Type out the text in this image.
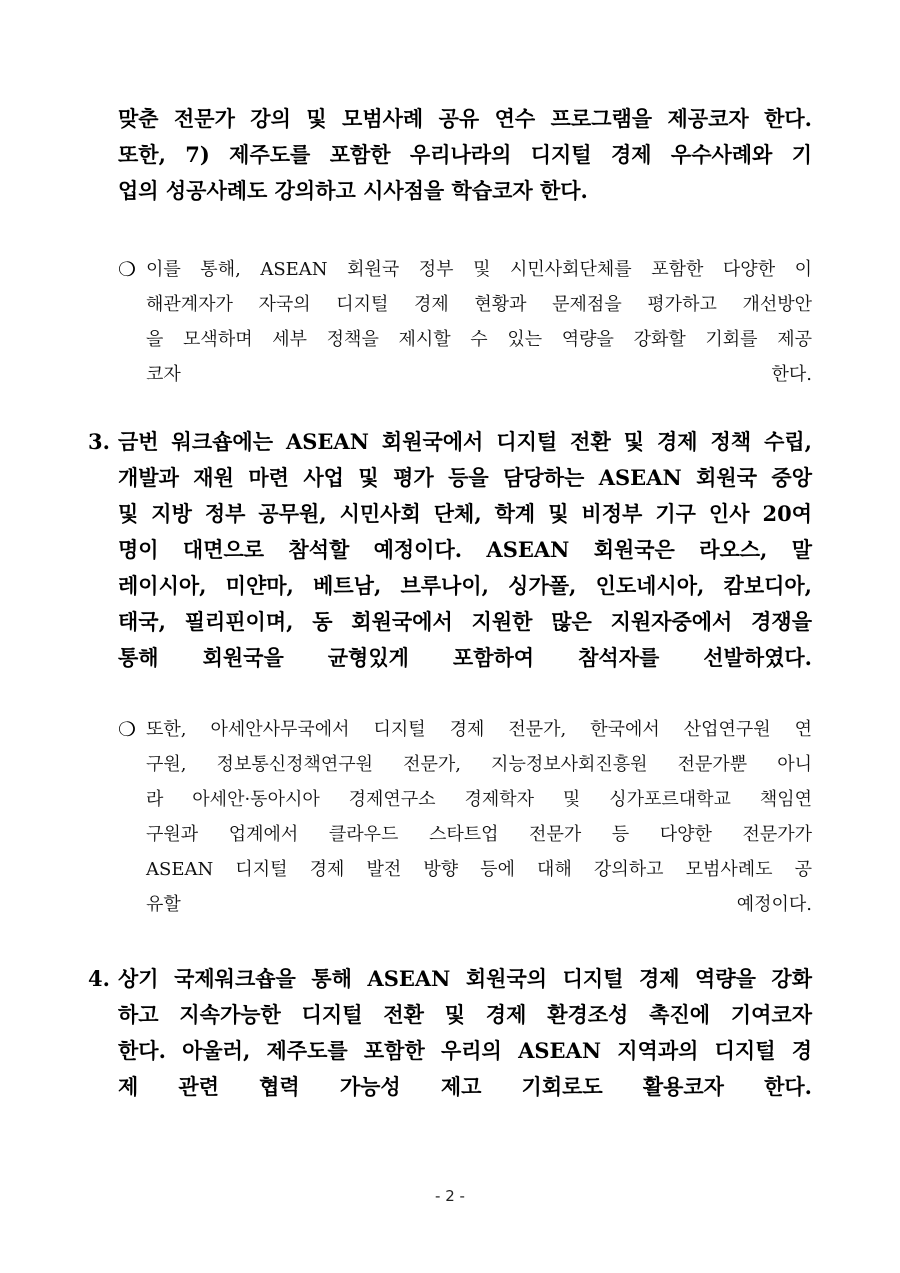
맞춘 전문가 강의 및 모범사례 공유 연수 프로그램을 제공코자 한다.
또한, 7) 제주도를 포함한 우리나라의 디지털 경제 우수사례와 기
업의 성공사례도 강의하고 시사점을 학습코자 한다.
❍ 이를 통해, ASEAN 회원국 정부 및 시민사회단체를 포함한 다양한 이
해관계자가 자국의 디지털 경제 현황과 문제점을 평가하고 개선방안
을 모색하며 세부 정책을 제시할 수 있는 역량을 강화할 기회를 제공
코자 한다.
3. 금번 워크숍에는 ASEAN 회원국에서 디지털 전환 및 경제 정책 수립,
개발과 재원 마련 사업 및 평가 등을 담당하는 ASEAN 회원국 중앙
및 지방 정부 공무원, 시민사회 단체, 학계 및 비정부 기구 인사 20여
명이 대면으로 참석할 예정이다. ASEAN 회원국은 라오스, 말
레이시아, 미얀마, 베트남, 브루나이, 싱가폴, 인도네시아, 캄보디아,
태국, 필리핀이며, 동 회원국에서 지원한 많은 지원자중에서 경쟁을
통해 회원국을 균형있게 포함하여 참석자를 선발하였다.
❍ 또한, 아세안사무국에서 디지털 경제 전문가, 한국에서 산업연구원 연
구원, 정보통신정책연구원 전문가, 지능정보사회진흥원 전문가뿐 아니
라 아세안·동아시아 경제연구소 경제학자 및 싱가포르대학교 책임연
구원과 업계에서 클라우드 스타트업 전문가 등 다양한 전문가가
ASEAN 디지털 경제 발전 방향 등에 대해 강의하고 모범사례도 공
유할 예정이다.
4. 상기 국제워크숍을 통해 ASEAN 회원국의 디지털 경제 역량을 강화
하고 지속가능한 디지털 전환 및 경제 환경조성 촉진에 기여코자
한다. 아울러, 제주도를 포함한 우리의 ASEAN 지역과의 디지털 경
제 관련 협력 가능성 제고 기회로도 활용코자 한다.
- 2 -
